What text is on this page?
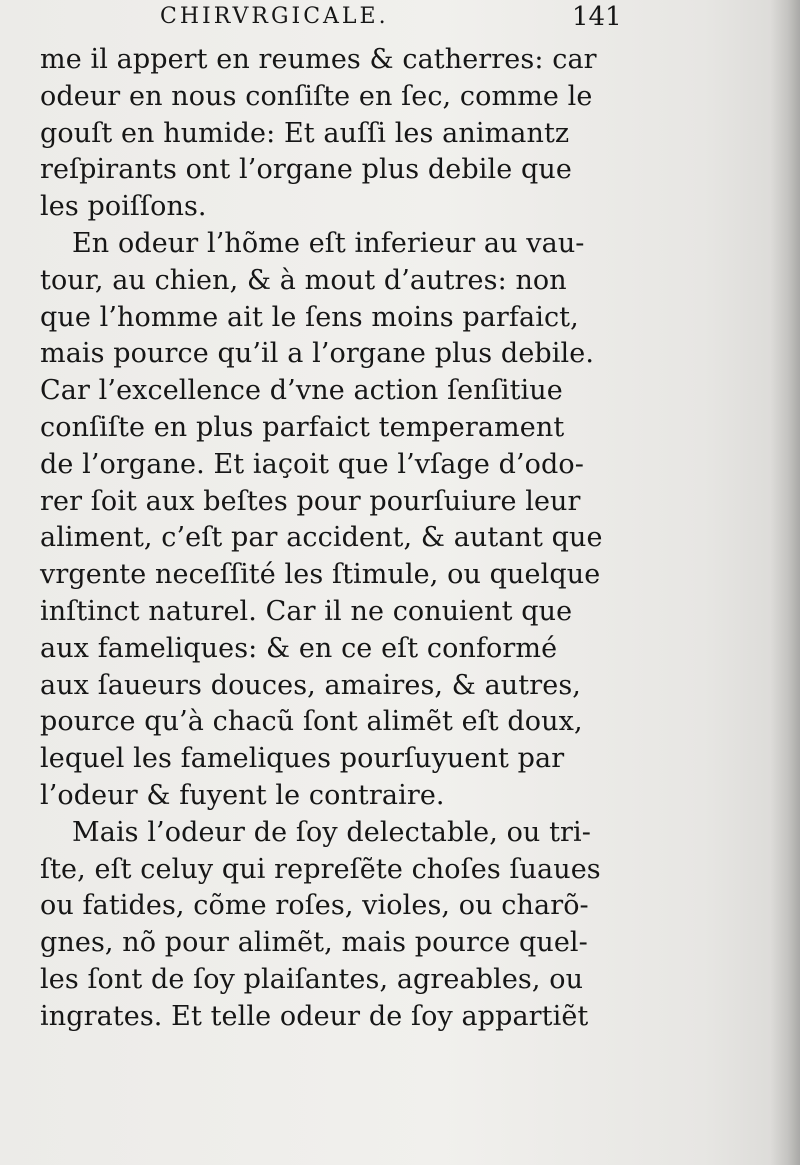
CHIRVRGICALE.	141
me il appert en reumes & catherres: car
odeur en nous conſiſte en ſec, comme le
gouſt en humide: Et auſſi les animantz
reſpirants ont l’organe plus debile que
les poiſſons.
En odeur l’hõme eſt inferieur au vau-
tour, au chien, & à mout d’autres: non
que l’homme ait le ſens moins parfaict,
mais pource qu’il a l’organe plus debile.
Car l’excellence d’vne action ſenſitiue
conſiſte en plus parfaict temperament
de l’organe. Et iaçoit que l’vſage d’odo-
rer ſoit aux beſtes pour pourſuiure leur
aliment, c’eſt par accident, & autant que
vrgente neceſſité les ſtimule, ou quelque
inſtinct naturel. Car il ne conuient que
aux fameliques: & en ce eſt conformé
aux ſaueurs douces, amaires, & autres,
pource qu’à chacũ ſont alimẽt eſt doux,
lequel les fameliques pourſuyuent par
l’odeur & fuyent le contraire.
Mais l’odeur de ſoy delectable, ou tri-
ſte, eſt celuy qui repreſẽte choſes ſuaues
ou fatides, cõme roſes, violes, ou charõ-
gnes, nõ pour alimẽt, mais pource quel-
les ſont de ſoy plaiſantes, agreables, ou
ingrates. Et telle odeur de ſoy appartiẽt
